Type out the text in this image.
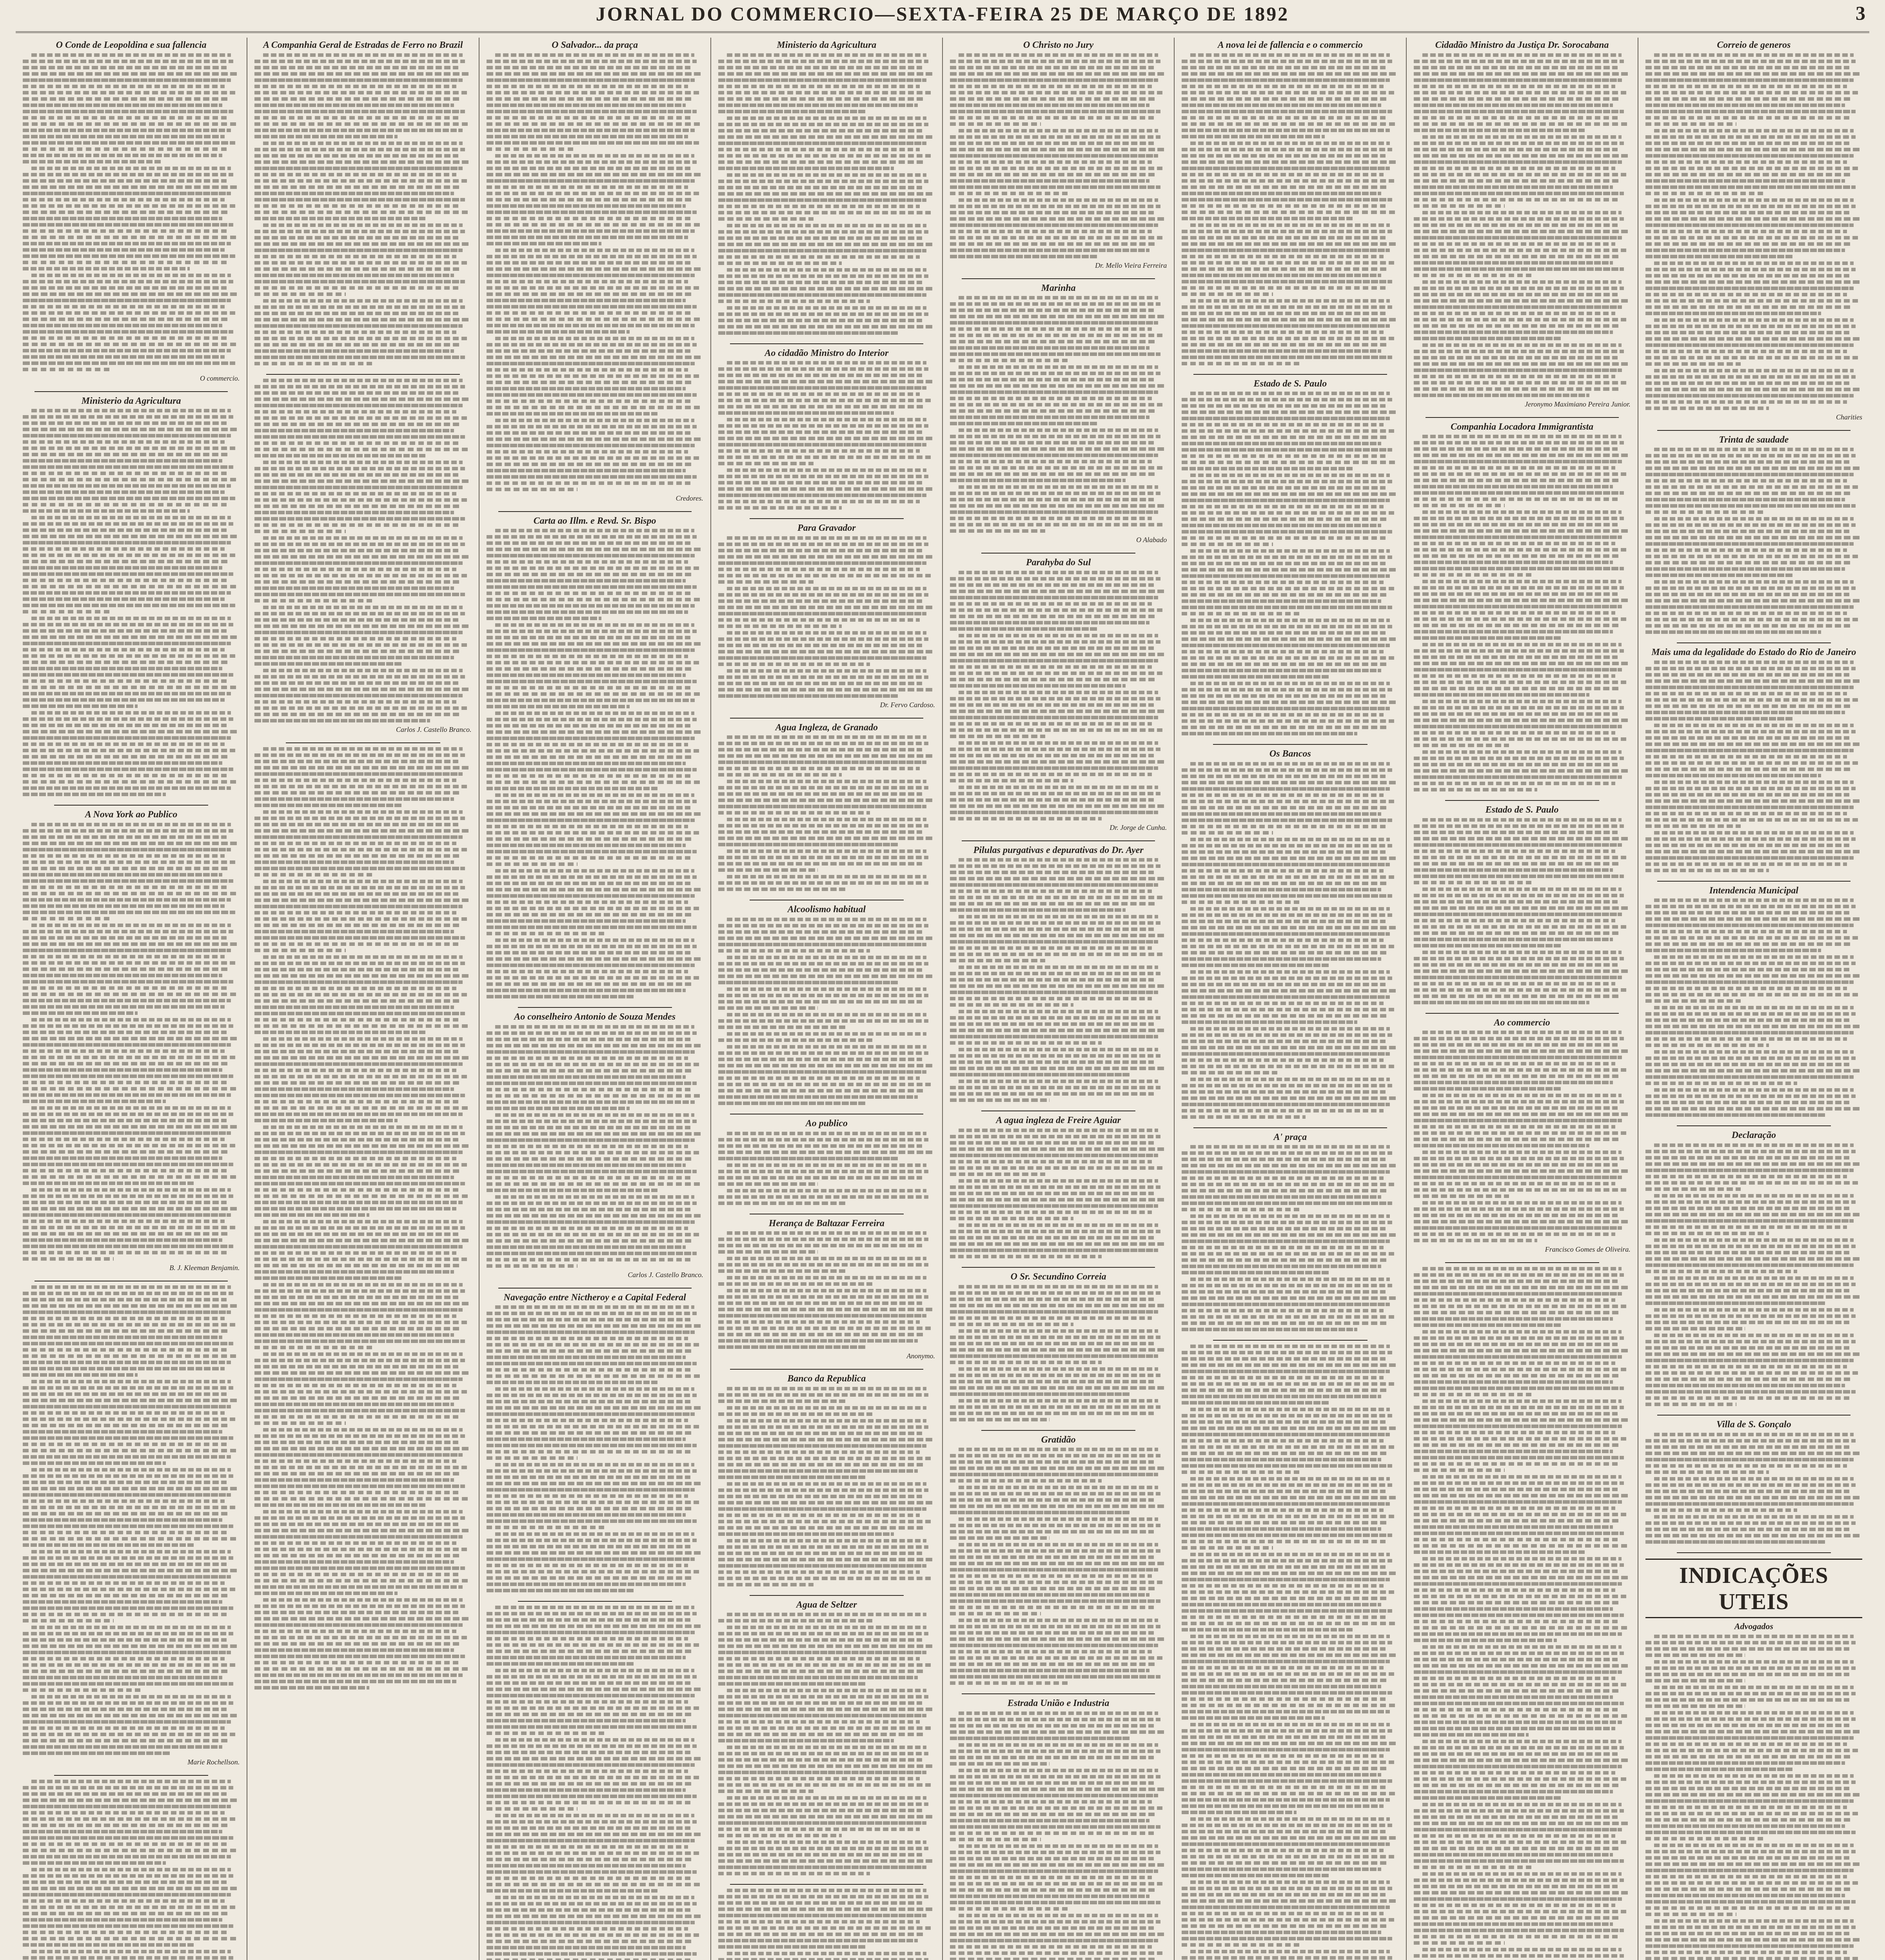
JORNAL DO COMMERCIO—SEXTA-FEIRA 25 DE MARÇO DE 1892	3
O Conde de Leopoldina e sua fallencia
O commercio.
Ministerio da Agricultura
A Nova York ao Publico
B. J. Kleeman Benjamin.
Marie Rochellson.
A Companhia Geral de Estradas de Ferro no Brazil
Carlos J. Castello Branco.
O Salvador... da praça
Credores.
Carta ao Illm. e Revd. Sr. Bispo
Ao conselheiro Antonio de Souza Mendes
Carlos J. Castello Branco.
Navegação entre Nictheroy e a Capital Federal
Ministerio da Agricultura
Ao cidadão Ministro do Interior
Para Gravador
Dr. Fervo Cardoso.
Agua Ingleza, de Granado
Alcoolismo habitual
Ao publico
Herança de Baltazar Ferreira
Anonymo.
Banco da Republica
Agua de Seltzer
O Christo no Jury
Dr. Mello Vieira Ferreira
Marinha
O Alabado
Parahyba do Sul
Dr. Jorge de Cunha.
Pilulas purgativas e depurativas do Dr. Ayer
A agua ingleza de Freire Aguiar
O Sr. Secundino Correia
Gratidão
Estrada União e Industria
A nova lei de fallencia e o commercio
Estado de S. Paulo
Os Bancos
A' praça
Cidadão Ministro da Justiça Dr. Sorocabana
Jeronymo Maximiano Pereira Junior.
Companhia Locadora Immigrantista
Estado de S. Paulo
Ao commercio
Francisco Gomes de Oliveira.
Correio de generos
Charities
Trinta de saudade
Mais uma da legalidade do Estado do Rio de Janeiro
Intendencia Municipal
Declaração
Villa de S. Gonçalo
INDICAÇÕES UTEIS
Advogados
